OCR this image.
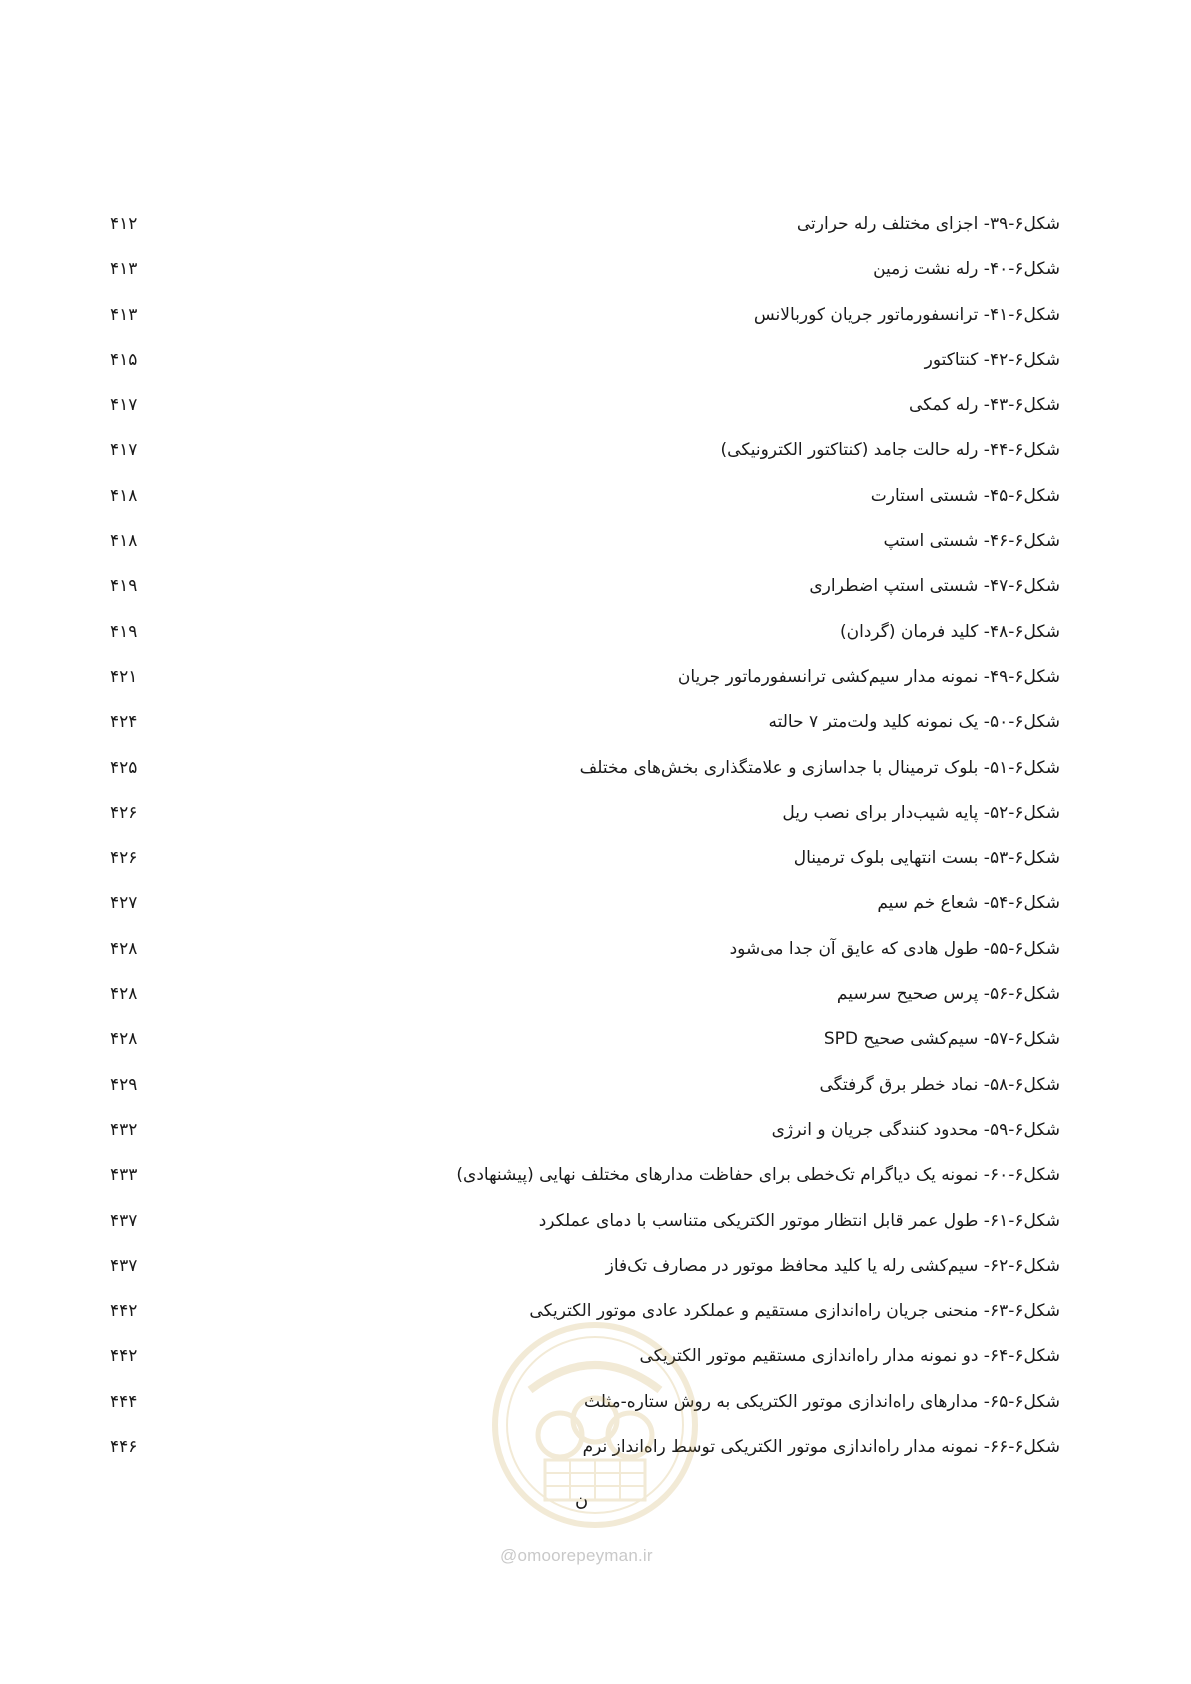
شکل۶-۳۹- اجزای مختلف رله حرارتی
۴۱۲
شکل۶-۴۰- رله نشت زمین
۴۱۳
شکل۶-۴۱- ترانسفورماتور جریان کوربالانس
۴۱۳
شکل۶-۴۲- کنتاکتور
۴۱۵
شکل۶-۴۳- رله کمکی
۴۱۷
شکل۶-۴۴- رله حالت جامد (کنتاکتور الکترونیکی)
۴۱۷
شکل۶-۴۵- شستی استارت
۴۱۸
شکل۶-۴۶- شستی استپ
۴۱۸
شکل۶-۴۷- شستی استپ اضطراری
۴۱۹
شکل۶-۴۸- کلید فرمان (گردان)
۴۱۹
شکل۶-۴۹- نمونه مدار سیم‌کشی ترانسفورماتور جریان
۴۲۱
شکل۶-۵۰- یک نمونه کلید ولت‌متر ۷ حالته
۴۲۴
شکل۶-۵۱- بلوک ترمینال با جداسازی و علامتگذاری بخش‌های مختلف
۴۲۵
شکل۶-۵۲- پایه شیب‌دار برای نصب ریل
۴۲۶
شکل۶-۵۳- بست انتهایی بلوک ترمینال
۴۲۶
شکل۶-۵۴- شعاع خم سیم
۴۲۷
شکل۶-۵۵- طول هادی که عایق آن جدا می‌شود
۴۲۸
شکل۶-۵۶- پرس صحیح سرسیم
۴۲۸
شکل۶-۵۷- سیم‌کشی صحیح SPD
۴۲۸
شکل۶-۵۸- نماد خطر برق گرفتگی
۴۲۹
شکل۶-۵۹- محدود کنندگی جریان و انرژی
۴۳۲
شکل۶-۶۰- نمونه یک دیاگرام تک‌خطی برای حفاظت مدارهای مختلف نهایی (پیشنهادی)
۴۳۳
شکل۶-۶۱- طول عمر قابل انتظار موتور الکتریکی متناسب با دمای عملکرد
۴۳۷
شکل۶-۶۲- سیم‌کشی رله یا کلید محافظ موتور در مصارف تک‌فاز
۴۳۷
شکل۶-۶۳- منحنی جریان راه‌اندازی مستقیم و عملکرد عادی موتور الکتریکی
۴۴۲
شکل۶-۶۴- دو نمونه مدار راه‌اندازی مستقیم موتور الکتریکی
۴۴۲
شکل۶-۶۵- مدارهای راه‌اندازی موتور الکتریکی به روش ستاره-مثلث
۴۴۴
شکل۶-۶۶- نمونه مدار راه‌اندازی موتور الکتریکی توسط راه‌انداز نرم
۴۴۶
ن
@omoorepeyman.ir
